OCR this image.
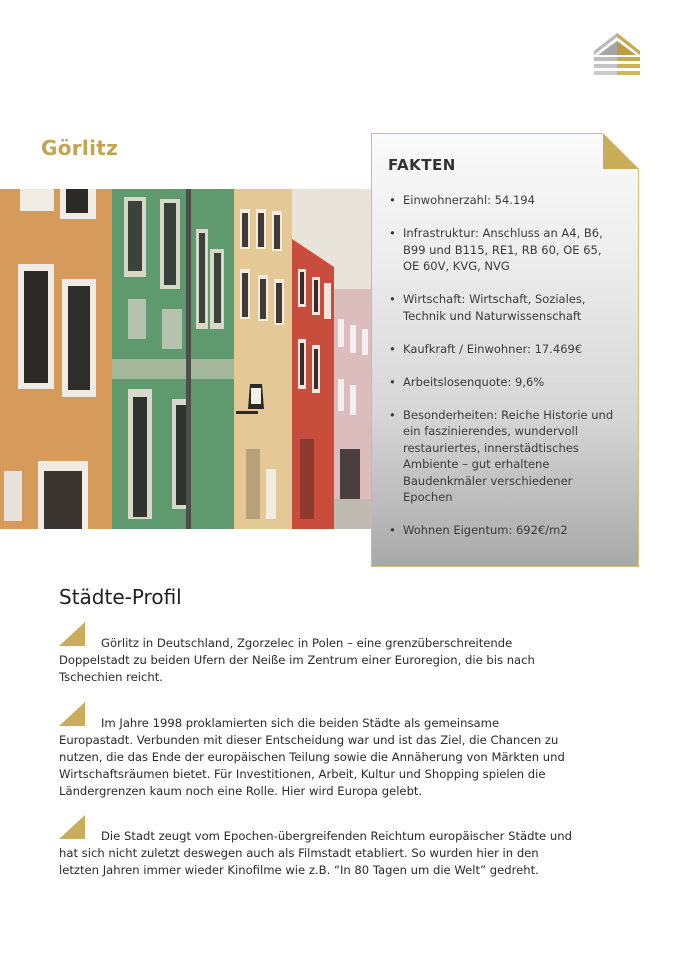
Görlitz
FAKTEN
• Einwohnerzahl: 54.194
• Infrastruktur: Anschluss an A4, B6, B99 und B115, RE1, RB 60, OE 65, OE 60V, KVG, NVG
• Wirtschaft: Wirtschaft, Soziales, Technik und Naturwissenschaft
• Kaufkraft / Einwohner: 17.469€
• Arbeitslosenquote: 9,6%
• Besonderheiten: Reiche Historie und ein faszinierendes, wundervoll restauriertes, innerstädtisches Ambiente – gut erhaltene Baudenkmäler verschiedener Epochen
• Wohnen Eigentum: 692€/m2
Städte-Profil
Görlitz in Deutschland, Zgorzelec in Polen – eine grenzüberschreitende Doppelstadt zu beiden Ufern der Neiße im Zentrum einer Euroregion, die bis nach Tschechien reicht.
Im Jahre 1998 proklamierten sich die beiden Städte als gemeinsame Europastadt. Verbunden mit dieser Entscheidung war und ist das Ziel, die Chancen zu nutzen, die das Ende der europäischen Teilung sowie die Annäherung von Märkten und Wirtschaftsräumen bietet. Für Investitionen, Arbeit, Kultur und Shopping spielen die Ländergrenzen kaum noch eine Rolle. Hier wird Europa gelebt.
Die Stadt zeugt vom Epochen-übergreifenden Reichtum europäischer Städte und hat sich nicht zuletzt deswegen auch als Filmstadt etabliert. So wurden hier in den letzten Jahren immer wieder Kinofilme wie z.B. “In 80 Tagen um die Welt” gedreht.
